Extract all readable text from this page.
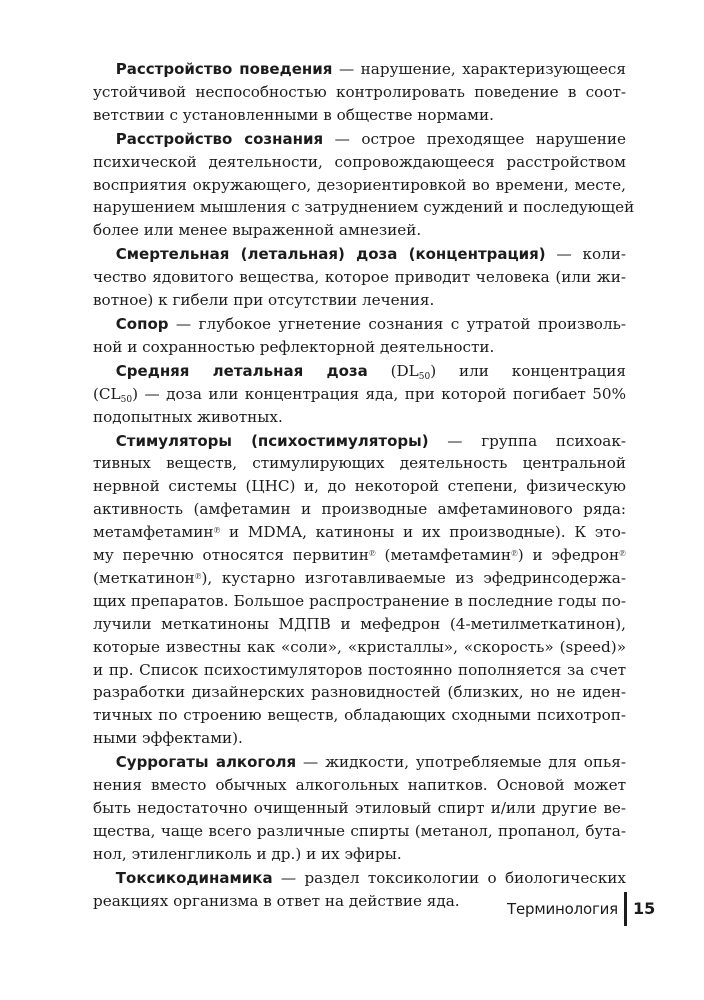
  Расстройство поведения — нарушение, характеризующееся
устойчивой неспособностью контролировать поведение в соот-
ветствии с установленными в обществе нормами.

  Расстройство сознания — острое преходящее нарушение
психической деятельности, сопровождающееся расстройством
восприятия окружающего, дезориентировкой во времени, месте,
нарушением мышления с затруднением суждений и последующей
более или менее выраженной амнезией.

  Смертельная (летальная) доза (концентрация) — коли-
чество ядовитого вещества, которое приводит человека (или жи-
вотное) к гибели при отсутствии лечения.

  Сопор — глубокое угнетение сознания с утратой произволь-
ной и сохранностью рефлекторной деятельности.

  Средняя летальная доза $(DL_{50})$ или концентрация
$(CL_{50})$ — доза или концентрация яда, при которой погибает 50%
подопытных животных.

  Стимуляторы (психостимуляторы) — группа психоак-
тивных веществ, стимулирующих деятельность центральной
нервной системы (ЦНС) и, до некоторой степени, физическую
активность (амфетамин и производные амфетаминового ряда:
метамфетамин℗ и MDMA, катиноны и их производные). К это-
му перечню относятся первитин℗ (метамфетамин℗) и эфедрон℗
(меткатинон℗), кустарно изготавливаемые из эфедринсодержа-
щих препаратов. Большое распространение в последние годы по-
лучили меткатиноны МДПВ и мефедрон (4-метилметкатинон),
которые известны как «соли», «кристаллы», «скорость» (speed)»
и пр. Список психостимуляторов постоянно пополняется за счет
разработки дизайнерских разновидностей (близких, но не иден-
тичных по строению веществ, обладающих сходными психотроп-
ными эффектами).

  Суррогаты алкоголя — жидкости, употребляемые для опья-
нения вместо обычных алкогольных напитков. Основой может
быть недостаточно очищенный этиловый спирт и/или другие ве-
щества, чаще всего различные спирты (метанол, пропанол, бута-
нол, этиленгликоль и др.) и их эфиры.

  Токсикодинамика — раздел токсикологии о биологических
реакциях организма в ответ на действие яда.	Терминология 15
